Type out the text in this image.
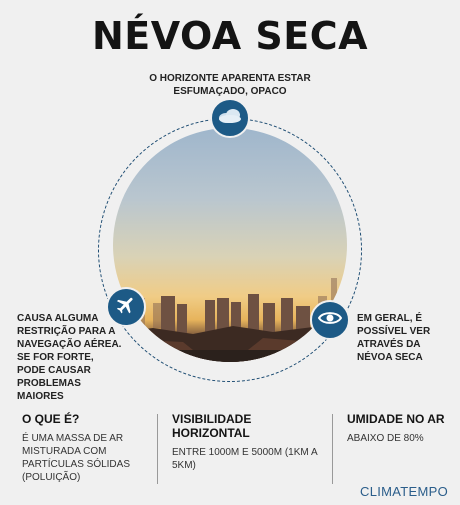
NÉVOA SECA
O HORIZONTE APARENTA ESTAR ESFUMAÇADO, OPACO
CAUSA ALGUMA RESTRIÇÃO PARA A NAVEGAÇÃO AÉREA. SE FOR FORTE, PODE CAUSAR PROBLEMAS MAIORES
EM GERAL, É POSSÍVEL VER ATRAVÉS DA NÉVOA SECA
O QUE É?

É UMA MASSA DE AR MISTURADA COM PARTÍCULAS SÓLIDAS (POLUIÇÃO)

VISIBILIDADE HORIZONTAL

ENTRE 1000M E 5000M (1KM A 5KM)

UMIDADE NO AR

ABAIXO DE 80%

CLIMATEMPO
